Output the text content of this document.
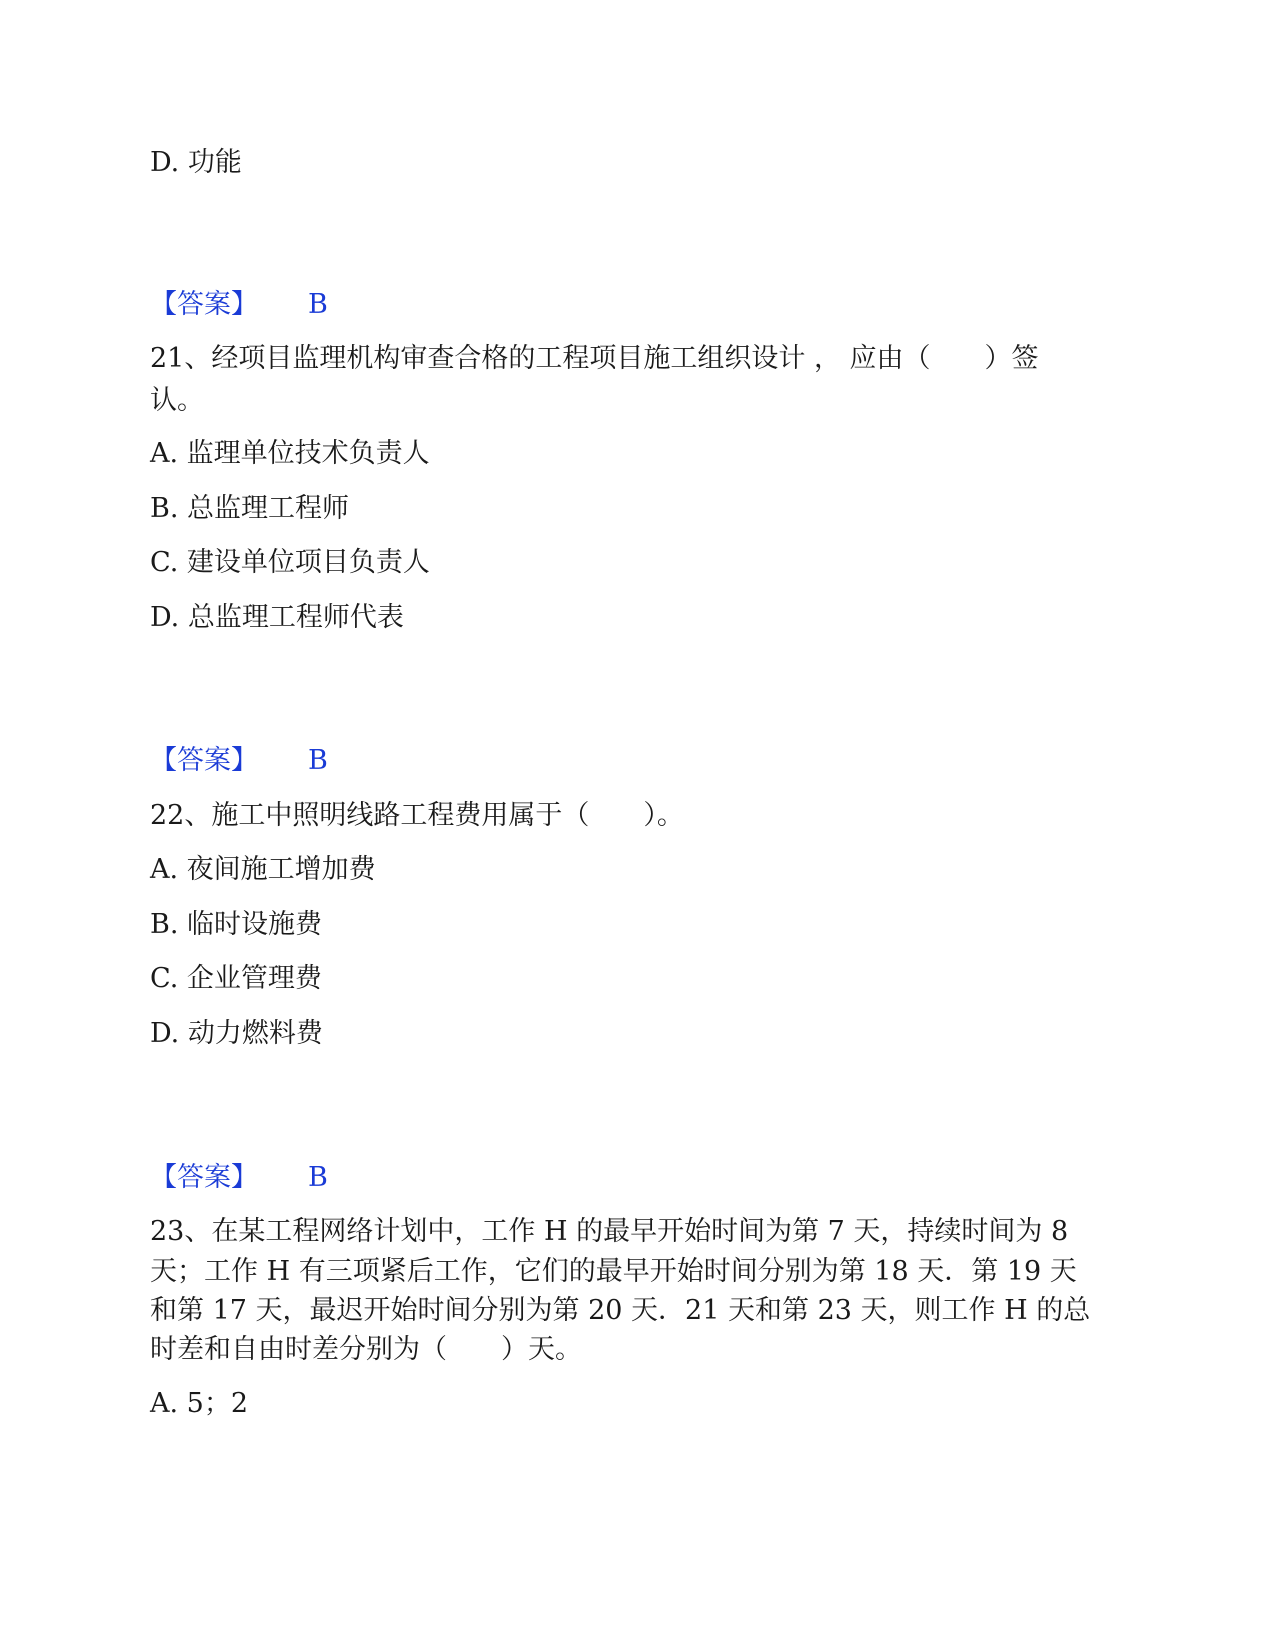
D. 功能
【答案】 B
21、经项目监理机构审查合格的工程项目施工组织设计 ， 应由（　　）签
认。
A. 监理单位技术负责人
B. 总监理工程师
C. 建设单位项目负责人
D. 总监理工程师代表
【答案】 B
22、施工中照明线路工程费用属于（　　）。
A. 夜间施工增加费
B. 临时设施费
C. 企业管理费
D. 动力燃料费
【答案】 B
23、在某工程网络计划中，工作 H 的最早开始时间为第 7 天，持续时间为 8
天；工作 H 有三项紧后工作，它们的最早开始时间分别为第 18 天．第 19 天
和第 17 天，最迟开始时间分别为第 20 天．21 天和第 23 天，则工作 H 的总
时差和自由时差分别为（　　）天。
A. 5；2
